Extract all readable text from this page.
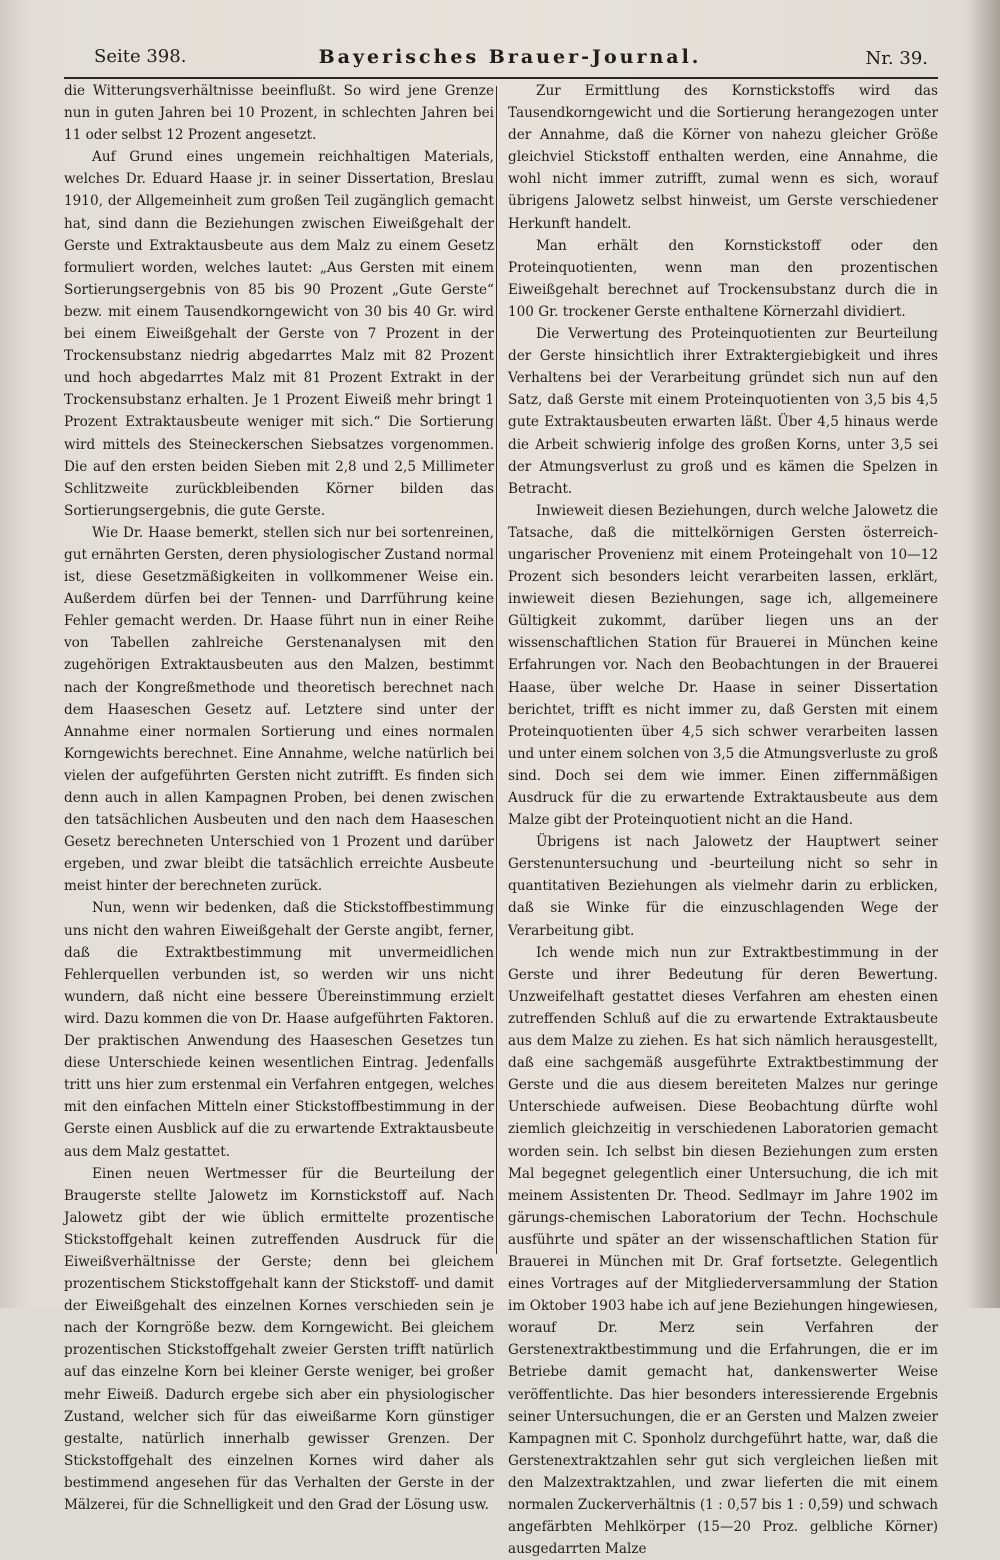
Seite 398.	Bayerisches Brauer-Journal.	Nr. 39.

die Witterungsverhältnisse beeinflußt. So wird jene Grenze nun in guten Jahren bei 10 Prozent, in schlechten Jahren bei 11 oder selbst 12 Prozent angesetzt.

Auf Grund eines ungemein reichhaltigen Materials, welches Dr. Eduard Haase jr. in seiner Dissertation, Breslau 1910, der Allgemeinheit zum großen Teil zugänglich gemacht hat, sind dann die Beziehungen zwischen Eiweißgehalt der Gerste und Extraktausbeute aus dem Malz zu einem Gesetz formuliert worden, welches lautet: „Aus Gersten mit einem Sortierungsergebnis von 85 bis 90 Prozent „Gute Gerste“ bezw. mit einem Tausendkorngewicht von 30 bis 40 Gr. wird bei einem Eiweißgehalt der Gerste von 7 Prozent in der Trockensubstanz niedrig abgedarrtes Malz mit 82 Prozent und hoch abgedarrtes Malz mit 81 Prozent Extrakt in der Trockensubstanz erhalten. Je 1 Prozent Eiweiß mehr bringt 1 Prozent Extraktausbeute weniger mit sich.“ Die Sortierung wird mittels des Steineckerschen Siebsatzes vorgenommen. Die auf den ersten beiden Sieben mit 2,8 und 2,5 Millimeter Schlitzweite zurückbleibenden Körner bilden das Sortierungsergebnis, die gute Gerste.

Wie Dr. Haase bemerkt, stellen sich nur bei sortenreinen, gut ernährten Gersten, deren physiologischer Zustand normal ist, diese Gesetzmäßigkeiten in vollkommener Weise ein. Außerdem dürfen bei der Tennen- und Darrführung keine Fehler gemacht werden. Dr. Haase führt nun in einer Reihe von Tabellen zahlreiche Gerstenanalysen mit den zugehörigen Extraktausbeuten aus den Malzen, bestimmt nach der Kongreßmethode und theoretisch berechnet nach dem Haaseschen Gesetz auf. Letztere sind unter der Annahme einer normalen Sortierung und eines normalen Korngewichts berechnet. Eine Annahme, welche natürlich bei vielen der aufgeführten Gersten nicht zutrifft. Es finden sich denn auch in allen Kampagnen Proben, bei denen zwischen den tatsächlichen Ausbeuten und den nach dem Haaseschen Gesetz berechneten Unterschied von 1 Prozent und darüber ergeben, und zwar bleibt die tatsächlich erreichte Ausbeute meist hinter der berechneten zurück.

Nun, wenn wir bedenken, daß die Stickstoffbestimmung uns nicht den wahren Eiweißgehalt der Gerste angibt, ferner, daß die Extraktbestimmung mit unvermeidlichen Fehlerquellen verbunden ist, so werden wir uns nicht wundern, daß nicht eine bessere Übereinstimmung erzielt wird. Dazu kommen die von Dr. Haase aufgeführten Faktoren. Der praktischen Anwendung des Haaseschen Gesetzes tun diese Unterschiede keinen wesentlichen Eintrag. Jedenfalls tritt uns hier zum erstenmal ein Verfahren entgegen, welches mit den einfachen Mitteln einer Stickstoffbestimmung in der Gerste einen Ausblick auf die zu erwartende Extraktausbeute aus dem Malz gestattet.

Einen neuen Wertmesser für die Beurteilung der Braugerste stellte Jalowetz im Kornstickstoff auf. Nach Jalowetz gibt der wie üblich ermittelte prozentische Stickstoffgehalt keinen zutreffenden Ausdruck für die Eiweißverhältnisse der Gerste; denn bei gleichem prozentischem Stickstoffgehalt kann der Stickstoff- und damit der Eiweißgehalt des einzelnen Kornes verschieden sein je nach der Korngröße bezw. dem Korngewicht. Bei gleichem prozentischen Stickstoffgehalt zweier Gersten trifft natürlich auf das einzelne Korn bei kleiner Gerste weniger, bei großer mehr Eiweiß. Dadurch ergebe sich aber ein physiologischer Zustand, welcher sich für das eiweißarme Korn günstiger gestalte, natürlich innerhalb gewisser Grenzen. Der Stickstoffgehalt des einzelnen Kornes wird daher als bestimmend angesehen für das Verhalten der Gerste in der Mälzerei, für die Schnelligkeit und den Grad der Lösung usw.

Zur Ermittlung des Kornstickstoffs wird das Tausendkorngewicht und die Sortierung herangezogen unter der Annahme, daß die Körner von nahezu gleicher Größe gleichviel Stickstoff enthalten werden, eine Annahme, die wohl nicht immer zutrifft, zumal wenn es sich, worauf übrigens Jalowetz selbst hinweist, um Gerste verschiedener Herkunft handelt.

Man erhält den Kornstickstoff oder den Proteinquotienten, wenn man den prozentischen Eiweißgehalt berechnet auf Trockensubstanz durch die in 100 Gr. trockener Gerste enthaltene Körnerzahl dividiert.

Die Verwertung des Proteinquotienten zur Beurteilung der Gerste hinsichtlich ihrer Extraktergiebigkeit und ihres Verhaltens bei der Verarbeitung gründet sich nun auf den Satz, daß Gerste mit einem Proteinquotienten von 3,5 bis 4,5 gute Extraktausbeuten erwarten läßt. Über 4,5 hinaus werde die Arbeit schwierig infolge des großen Korns, unter 3,5 sei der Atmungsverlust zu groß und es kämen die Spelzen in Betracht.

Inwieweit diesen Beziehungen, durch welche Jalowetz die Tatsache, daß die mittelkörnigen Gersten österreich-ungarischer Provenienz mit einem Proteingehalt von 10—12 Prozent sich besonders leicht verarbeiten lassen, erklärt, inwieweit diesen Beziehungen, sage ich, allgemeinere Gültigkeit zukommt, darüber liegen uns an der wissenschaftlichen Station für Brauerei in München keine Erfahrungen vor. Nach den Beobachtungen in der Brauerei Haase, über welche Dr. Haase in seiner Dissertation berichtet, trifft es nicht immer zu, daß Gersten mit einem Proteinquotienten über 4,5 sich schwer verarbeiten lassen und unter einem solchen von 3,5 die Atmungsverluste zu groß sind. Doch sei dem wie immer. Einen ziffernmäßigen Ausdruck für die zu erwartende Extraktausbeute aus dem Malze gibt der Proteinquotient nicht an die Hand.

Übrigens ist nach Jalowetz der Hauptwert seiner Gerstenuntersuchung und -beurteilung nicht so sehr in quantitativen Beziehungen als vielmehr darin zu erblicken, daß sie Winke für die einzuschlagenden Wege der Verarbeitung gibt.

Ich wende mich nun zur Extraktbestimmung in der Gerste und ihrer Bedeutung für deren Bewertung. Unzweifelhaft gestattet dieses Verfahren am ehesten einen zutreffenden Schluß auf die zu erwartende Extraktausbeute aus dem Malze zu ziehen. Es hat sich nämlich herausgestellt, daß eine sachgemäß ausgeführte Extraktbestimmung der Gerste und die aus diesem bereiteten Malzes nur geringe Unterschiede aufweisen. Diese Beobachtung dürfte wohl ziemlich gleichzeitig in verschiedenen Laboratorien gemacht worden sein. Ich selbst bin diesen Beziehungen zum ersten Mal begegnet gelegentlich einer Untersuchung, die ich mit meinem Assistenten Dr. Theod. Sedlmayr im Jahre 1902 im gärungs-chemischen Laboratorium der Techn. Hochschule ausführte und später an der wissenschaftlichen Station für Brauerei in München mit Dr. Graf fortsetzte. Gelegentlich eines Vortrages auf der Mitgliederversammlung der Station im Oktober 1903 habe ich auf jene Beziehungen hingewiesen, worauf Dr. Merz sein Verfahren der Gerstenextraktbestimmung und die Erfahrungen, die er im Betriebe damit gemacht hat, dankenswerter Weise veröffentlichte. Das hier besonders interessierende Ergebnis seiner Untersuchungen, die er an Gersten und Malzen zweier Kampagnen mit C. Sponholz durchgeführt hatte, war, daß die Gerstenextraktzahlen sehr gut sich vergleichen ließen mit den Malzextraktzahlen, und zwar lieferten die mit einem normalen Zuckerverhältnis (1 : 0,57 bis 1 : 0,59) und schwach angefärbten Mehlkörper (15—20 Proz. gelbliche Körner) ausgedarrten Malze
